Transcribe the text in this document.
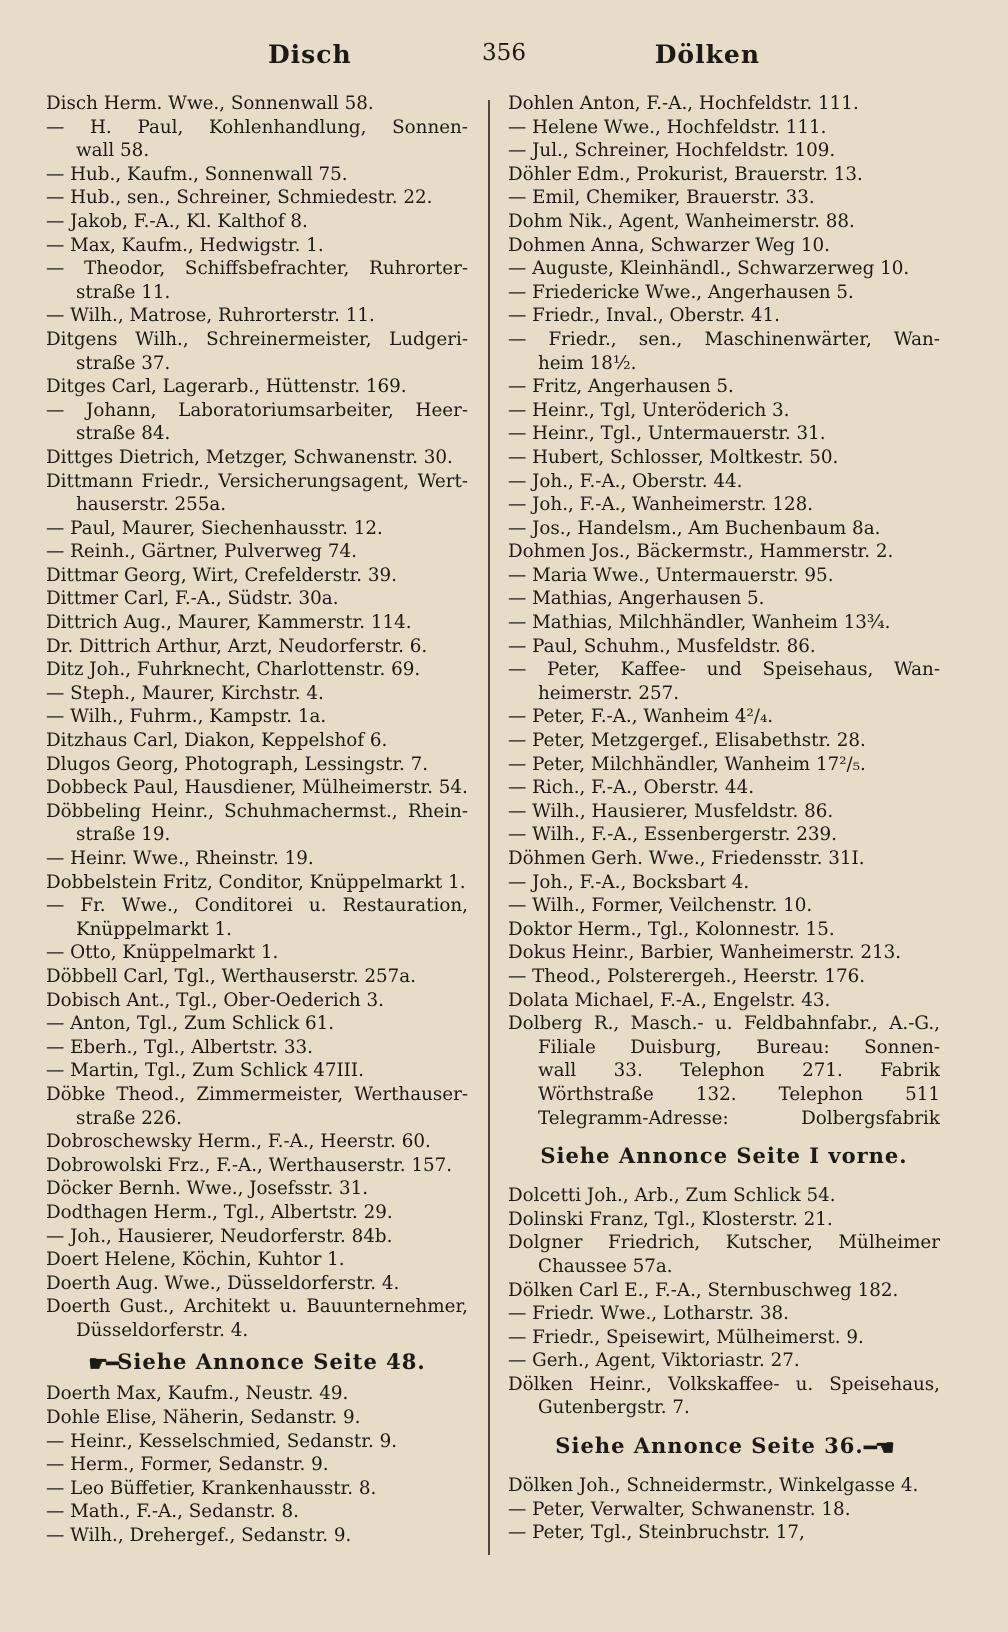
Disch	356	Dölken
Disch Herm. Wwe., Sonnenwall 58.
— H. Paul, Kohlenhandlung, Sonnen-
wall 58.
— Hub., Kaufm., Sonnenwall 75.
— Hub., sen., Schreiner, Schmiedestr. 22.
— Jakob, F.-A., Kl. Kalthof 8.
— Max, Kaufm., Hedwigstr. 1.
— Theodor, Schiffsbefrachter, Ruhrorter-
straße 11.
— Wilh., Matrose, Ruhrorterstr. 11.
Ditgens Wilh., Schreinermeister, Ludgeri-
straße 37.
Ditges Carl, Lagerarb., Hüttenstr. 169.
— Johann, Laboratoriumsarbeiter, Heer-
straße 84.
Dittges Dietrich, Metzger, Schwanenstr. 30.
Dittmann Friedr., Versicherungsagent, Wert-
hauserstr. 255a.
— Paul, Maurer, Siechenhausstr. 12.
— Reinh., Gärtner, Pulverweg 74.
Dittmar Georg, Wirt, Crefelderstr. 39.
Dittmer Carl, F.-A., Südstr. 30a.
Dittrich Aug., Maurer, Kammerstr. 114.
Dr. Dittrich Arthur, Arzt, Neudorferstr. 6.
Ditz Joh., Fuhrknecht, Charlottenstr. 69.
— Steph., Maurer, Kirchstr. 4.
— Wilh., Fuhrm., Kampstr. 1a.
Ditzhaus Carl, Diakon, Keppelshof 6.
Dlugos Georg, Photograph, Lessingstr. 7.
Dobbeck Paul, Hausdiener, Mülheimerstr. 54.
Döbbeling Heinr., Schuhmachermst., Rhein-
straße 19.
— Heinr. Wwe., Rheinstr. 19.
Dobbelstein Fritz, Conditor, Knüppelmarkt 1.
— Fr. Wwe., Conditorei u. Restauration,
Knüppelmarkt 1.
— Otto, Knüppelmarkt 1.
Döbbell Carl, Tgl., Werthauserstr. 257a.
Dobisch Ant., Tgl., Ober-Oederich 3.
— Anton, Tgl., Zum Schlick 61.
— Eberh., Tgl., Albertstr. 33.
— Martin, Tgl., Zum Schlick 47III.
Döbke Theod., Zimmermeister, Werthauser-
straße 226.
Dobroschewsky Herm., F.-A., Heerstr. 60.
Dobrowolski Frz., F.-A., Werthauserstr. 157.
Döcker Bernh. Wwe., Josefsstr. 31.
Dodthagen Herm., Tgl., Albertstr. 29.
— Joh., Hausierer, Neudorferstr. 84b.
Doert Helene, Köchin, Kuhtor 1.
Doerth Aug. Wwe., Düsseldorferstr. 4.
Doerth Gust., Architekt u. Bauunternehmer,
Düsseldorferstr. 4.
☛━Siehe Annonce Seite 48.
Doerth Max, Kaufm., Neustr. 49.
Dohle Elise, Näherin, Sedanstr. 9.
— Heinr., Kesselschmied, Sedanstr. 9.
— Herm., Former, Sedanstr. 9.
— Leo Büffetier, Krankenhausstr. 8.
— Math., F.-A., Sedanstr. 8.
— Wilh., Drehergef., Sedanstr. 9.
Dohlen Anton, F.-A., Hochfeldstr. 111.
— Helene Wwe., Hochfeldstr. 111.
— Jul., Schreiner, Hochfeldstr. 109.
Döhler Edm., Prokurist, Brauerstr. 13.
— Emil, Chemiker, Brauerstr. 33.
Dohm Nik., Agent, Wanheimerstr. 88.
Dohmen Anna, Schwarzer Weg 10.
— Auguste, Kleinhändl., Schwarzerweg 10.
— Friedericke Wwe., Angerhausen 5.
— Friedr., Inval., Oberstr. 41.
— Friedr., sen., Maschinenwärter, Wan-
heim 18½.
— Fritz, Angerhausen 5.
— Heinr., Tgl, Unteröderich 3.
— Heinr., Tgl., Untermauerstr. 31.
— Hubert, Schlosser, Moltkestr. 50.
— Joh., F.-A., Oberstr. 44.
— Joh., F.-A., Wanheimerstr. 128.
— Jos., Handelsm., Am Buchenbaum 8a.
Dohmen Jos., Bäckermstr., Hammerstr. 2.
— Maria Wwe., Untermauerstr. 95.
— Mathias, Angerhausen 5.
— Mathias, Milchhändler, Wanheim 13¾.
— Paul, Schuhm., Musfeldstr. 86.
— Peter, Kaffee- und Speisehaus, Wan-
heimerstr. 257.
— Peter, F.-A., Wanheim 4²/₄.
— Peter, Metzgergef., Elisabethstr. 28.
— Peter, Milchhändler, Wanheim 17²/₅.
— Rich., F.-A., Oberstr. 44.
— Wilh., Hausierer, Musfeldstr. 86.
— Wilh., F.-A., Essenbergerstr. 239.
Döhmen Gerh. Wwe., Friedensstr. 31I.
— Joh., F.-A., Bocksbart 4.
— Wilh., Former, Veilchenstr. 10.
Doktor Herm., Tgl., Kolonnestr. 15.
Dokus Heinr., Barbier, Wanheimerstr. 213.
— Theod., Polsterergeh., Heerstr. 176.
Dolata Michael, F.-A., Engelstr. 43.
Dolberg R., Masch.- u. Feldbahnfabr., A.-G.,
Filiale Duisburg, Bureau: Sonnen-
wall 33. Telephon 271. Fabrik
Wörthstraße 132. Telephon 511
Telegramm-Adresse: Dolbergsfabrik
Siehe Annonce Seite I vorne.
Dolcetti Joh., Arb., Zum Schlick 54.
Dolinski Franz, Tgl., Klosterstr. 21.
Dolgner Friedrich, Kutscher, Mülheimer
Chaussee 57a.
Dölken Carl E., F.-A., Sternbuschweg 182.
— Friedr. Wwe., Lotharstr. 38.
— Friedr., Speisewirt, Mülheimerst. 9.
— Gerh., Agent, Viktoriastr. 27.
Dölken Heinr., Volkskaffee- u. Speisehaus,
Gutenbergstr. 7.
Siehe Annonce Seite 36.━☚
Dölken Joh., Schneidermstr., Winkelgasse 4.
— Peter, Verwalter, Schwanenstr. 18.
— Peter, Tgl., Steinbruchstr. 17,
